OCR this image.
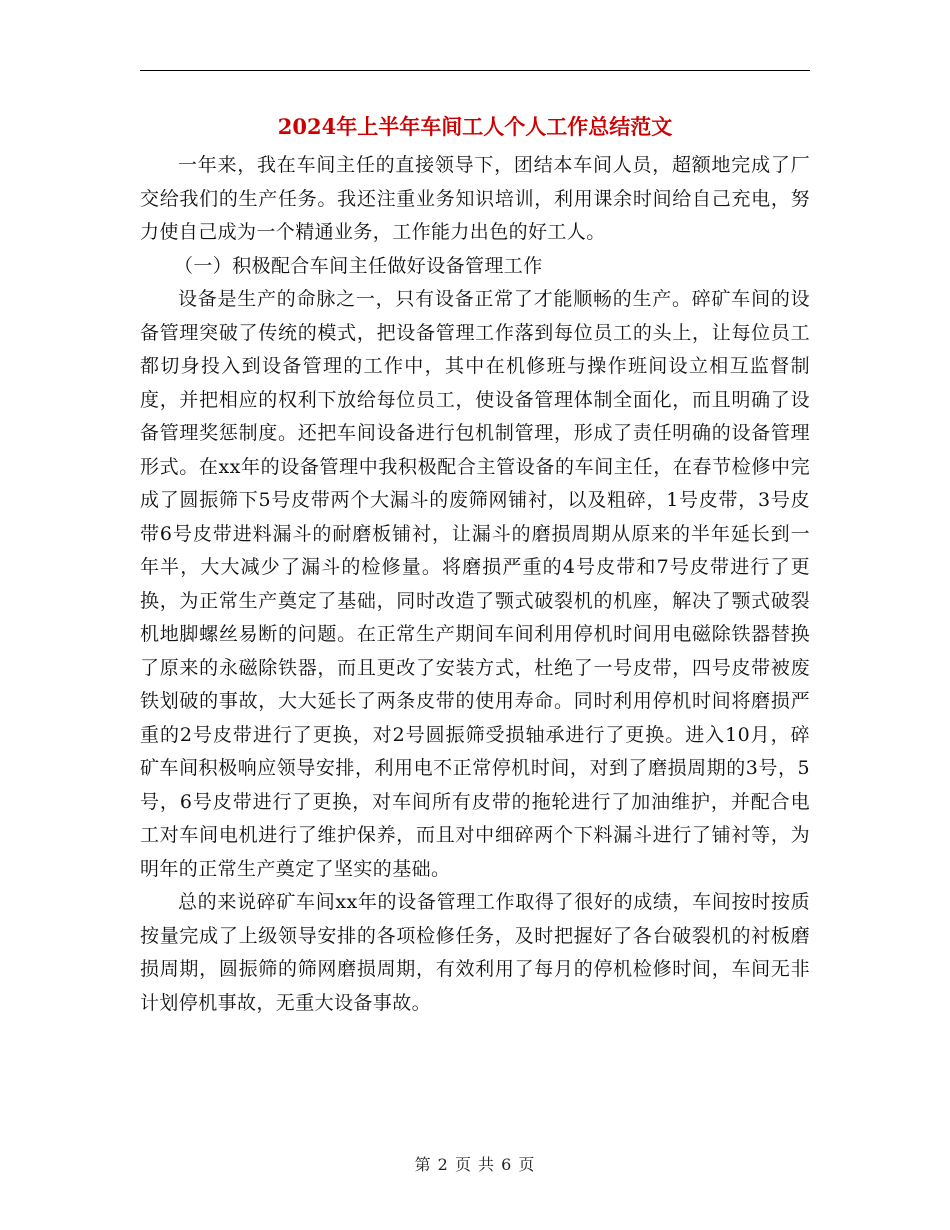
2024年上半年车间工人个人工作总结范文

一年来，我在车间主任的直接领导下，团结本车间人员，超额地完成了厂交给我们的生产任务。我还注重业务知识培训，利用课余时间给自己充电，努力使自己成为一个精通业务，工作能力出色的好工人。

（一）积极配合车间主任做好设备管理工作

设备是生产的命脉之一，只有设备正常了才能顺畅的生产。碎矿车间的设备管理突破了传统的模式，把设备管理工作落到每位员工的头上，让每位员工都切身投入到设备管理的工作中，其中在机修班与操作班间设立相互监督制度，并把相应的权利下放给每位员工，使设备管理体制全面化，而且明确了设备管理奖惩制度。还把车间设备进行包机制管理，形成了责任明确的设备管理形式。在xx年的设备管理中我积极配合主管设备的车间主任，在春节检修中完成了圆振筛下5号皮带两个大漏斗的废筛网铺衬，以及粗碎，1号皮带，3号皮带6号皮带进料漏斗的耐磨板铺衬，让漏斗的磨损周期从原来的半年延长到一年半，大大减少了漏斗的检修量。将磨损严重的4号皮带和7号皮带进行了更换，为正常生产奠定了基础，同时改造了颚式破裂机的机座，解决了颚式破裂机地脚螺丝易断的问题。在正常生产期间车间利用停机时间用电磁除铁器替换了原来的永磁除铁器，而且更改了安装方式，杜绝了一号皮带，四号皮带被废铁划破的事故，大大延长了两条皮带的使用寿命。同时利用停机时间将磨损严重的2号皮带进行了更换，对2号圆振筛受损轴承进行了更换。进入10月，碎矿车间积极响应领导安排，利用电不正常停机时间，对到了磨损周期的3号，5号，6号皮带进行了更换，对车间所有皮带的拖轮进行了加油维护，并配合电工对车间电机进行了维护保养，而且对中细碎两个下料漏斗进行了铺衬等，为明年的正常生产奠定了坚实的基础。

总的来说碎矿车间xx年的设备管理工作取得了很好的成绩，车间按时按质按量完成了上级领导安排的各项检修任务，及时把握好了各台破裂机的衬板磨损周期，圆振筛的筛网磨损周期，有效利用了每月的停机检修时间，车间无非计划停机事故，无重大设备事故。

第 2 页 共 6 页
